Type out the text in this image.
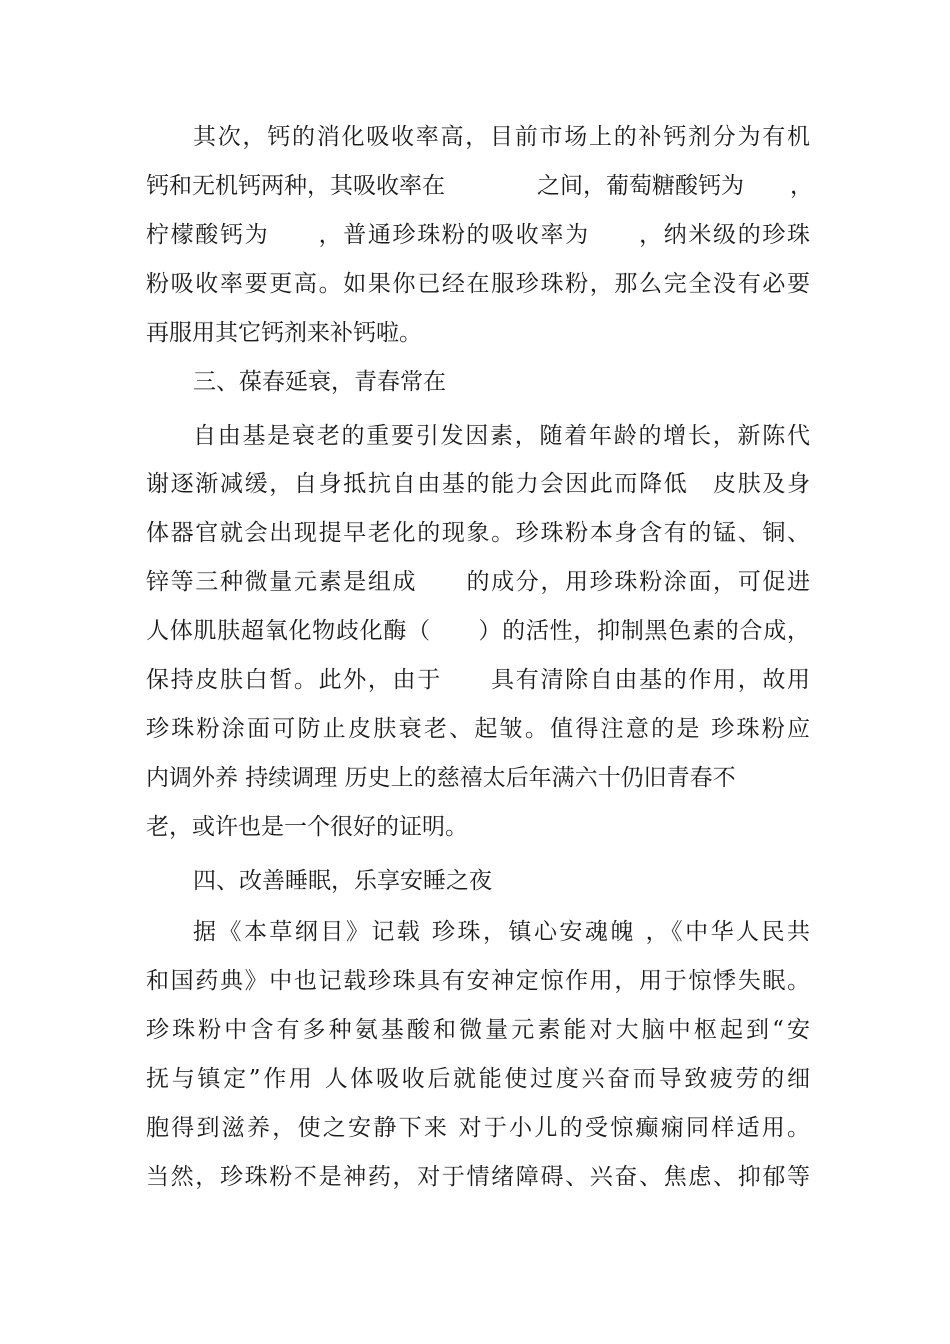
其次，钙的消化吸收率高，目前市场上的补钙剂分为有机
钙和无机钙两种，其吸收率在　　　　之间，葡萄糖酸钙为　　，
柠檬酸钙为　　，普通珍珠粉的吸收率为　　，纳米级的珍珠
粉吸收率要更高。如果你已经在服珍珠粉，那么完全没有必要
再服用其它钙剂来补钙啦。
三、葆春延衰，青春常在
自由基是衰老的重要引发因素，随着年龄的增长，新陈代
谢逐渐减缓，自身抵抗自由基的能力会因此而降低　皮肤及身
体器官就会出现提早老化的现象。珍珠粉本身含有的锰、铜、
锌等三种微量元素是组成　　的成分，用珍珠粉涂面，可促进
人体肌肤超氧化物歧化酶（　　）的活性，抑制黑色素的合成，
保持皮肤白皙。此外，由于　　具有清除自由基的作用，故用
珍珠粉涂面可防止皮肤衰老、起皱。值得注意的是 珍珠粉应
内调外养 持续调理 历史上的慈禧太后年满六十仍旧青春不
老，或许也是一个很好的证明。
四、改善睡眠，乐享安睡之夜
据《本草纲目》记载 珍珠，镇心安魂魄 ，《中华人民共
和国药典》中也记载珍珠具有安神定惊作用，用于惊悸失眠。
珍珠粉中含有多种氨基酸和微量元素能对大脑中枢起到“安
抚与镇定”作用 人体吸收后就能使过度兴奋而导致疲劳的细
胞得到滋养，使之安静下来 对于小儿的受惊癫痫同样适用。
当然，珍珠粉不是神药，对于情绪障碍、兴奋、焦虑、抑郁等
